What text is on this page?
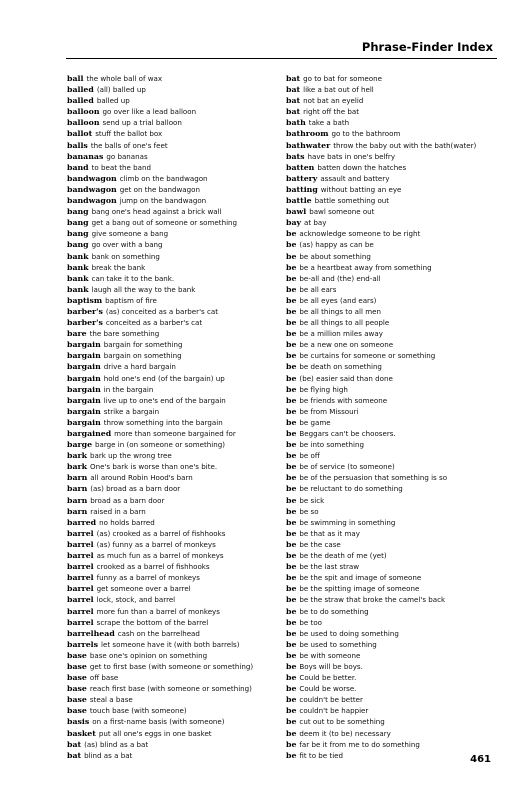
Phrase-Finder Index
ball the whole ball of wax
balled (all) balled up
balled balled up
balloon go over like a lead balloon
balloon send up a trial balloon
ballot stuff the ballot box
balls the balls of one's feet
bananas go bananas
band to beat the band
bandwagon climb on the bandwagon
bandwagon get on the bandwagon
bandwagon jump on the bandwagon
bang bang one's head against a brick wall
bang get a bang out of someone or something
bang give someone a bang
bang go over with a bang
bank bank on something
bank break the bank
bank can take it to the bank.
bank laugh all the way to the bank
baptism baptism of fire
barber's (as) conceited as a barber's cat
barber's conceited as a barber's cat
bare the bare something
bargain bargain for something
bargain bargain on something
bargain drive a hard bargain
bargain hold one's end (of the bargain) up
bargain in the bargain
bargain live up to one's end of the bargain
bargain strike a bargain
bargain throw something into the bargain
bargained more than someone bargained for
barge barge in (on someone or something)
bark bark up the wrong tree
bark One's bark is worse than one's bite.
barn all around Robin Hood's barn
barn (as) broad as a barn door
barn broad as a barn door
barn raised in a barn
barred no holds barred
barrel (as) crooked as a barrel of fishhooks
barrel (as) funny as a barrel of monkeys
barrel as much fun as a barrel of monkeys
barrel crooked as a barrel of fishhooks
barrel funny as a barrel of monkeys
barrel get someone over a barrel
barrel lock, stock, and barrel
barrel more fun than a barrel of monkeys
barrel scrape the bottom of the barrel
barrelhead cash on the barrelhead
barrels let someone have it (with both barrels)
base base one's opinion on something
base get to first base (with someone or something)
base off base
base reach first base (with someone or something)
base steal a base
base touch base (with someone)
basis on a first-name basis (with someone)
basket put all one's eggs in one basket
bat (as) blind as a bat
bat blind as a bat
bat go to bat for someone
bat like a bat out of hell
bat not bat an eyelid
bat right off the bat
bath take a bath
bathroom go to the bathroom
bathwater throw the baby out with the bath(water)
bats have bats in one's belfry
batten batten down the hatches
battery assault and battery
batting without batting an eye
battle battle something out
bawl bawl someone out
bay at bay
be acknowledge someone to be right
be (as) happy as can be
be be about something
be be a heartbeat away from something
be be-all and (the) end-all
be be all ears
be be all eyes (and ears)
be be all things to all men
be be all things to all people
be be a million miles away
be be a new one on someone
be be curtains for someone or something
be be death on something
be (be) easier said than done
be be flying high
be be friends with someone
be be from Missouri
be be game
be Beggars can't be choosers.
be be into something
be be off
be be of service (to someone)
be be of the persuasion that something is so
be be reluctant to do something
be be sick
be be so
be be swimming in something
be be that as it may
be be the case
be be the death of me (yet)
be be the last straw
be be the spit and image of someone
be be the spitting image of someone
be be the straw that broke the camel's back
be be to do something
be be too
be be used to doing something
be be used to something
be be with someone
be Boys will be boys.
be Could be better.
be Could be worse.
be couldn't be better
be couldn't be happier
be cut out to be something
be deem it (to be) necessary
be far be it from me to do something
be fit to be tied	461
